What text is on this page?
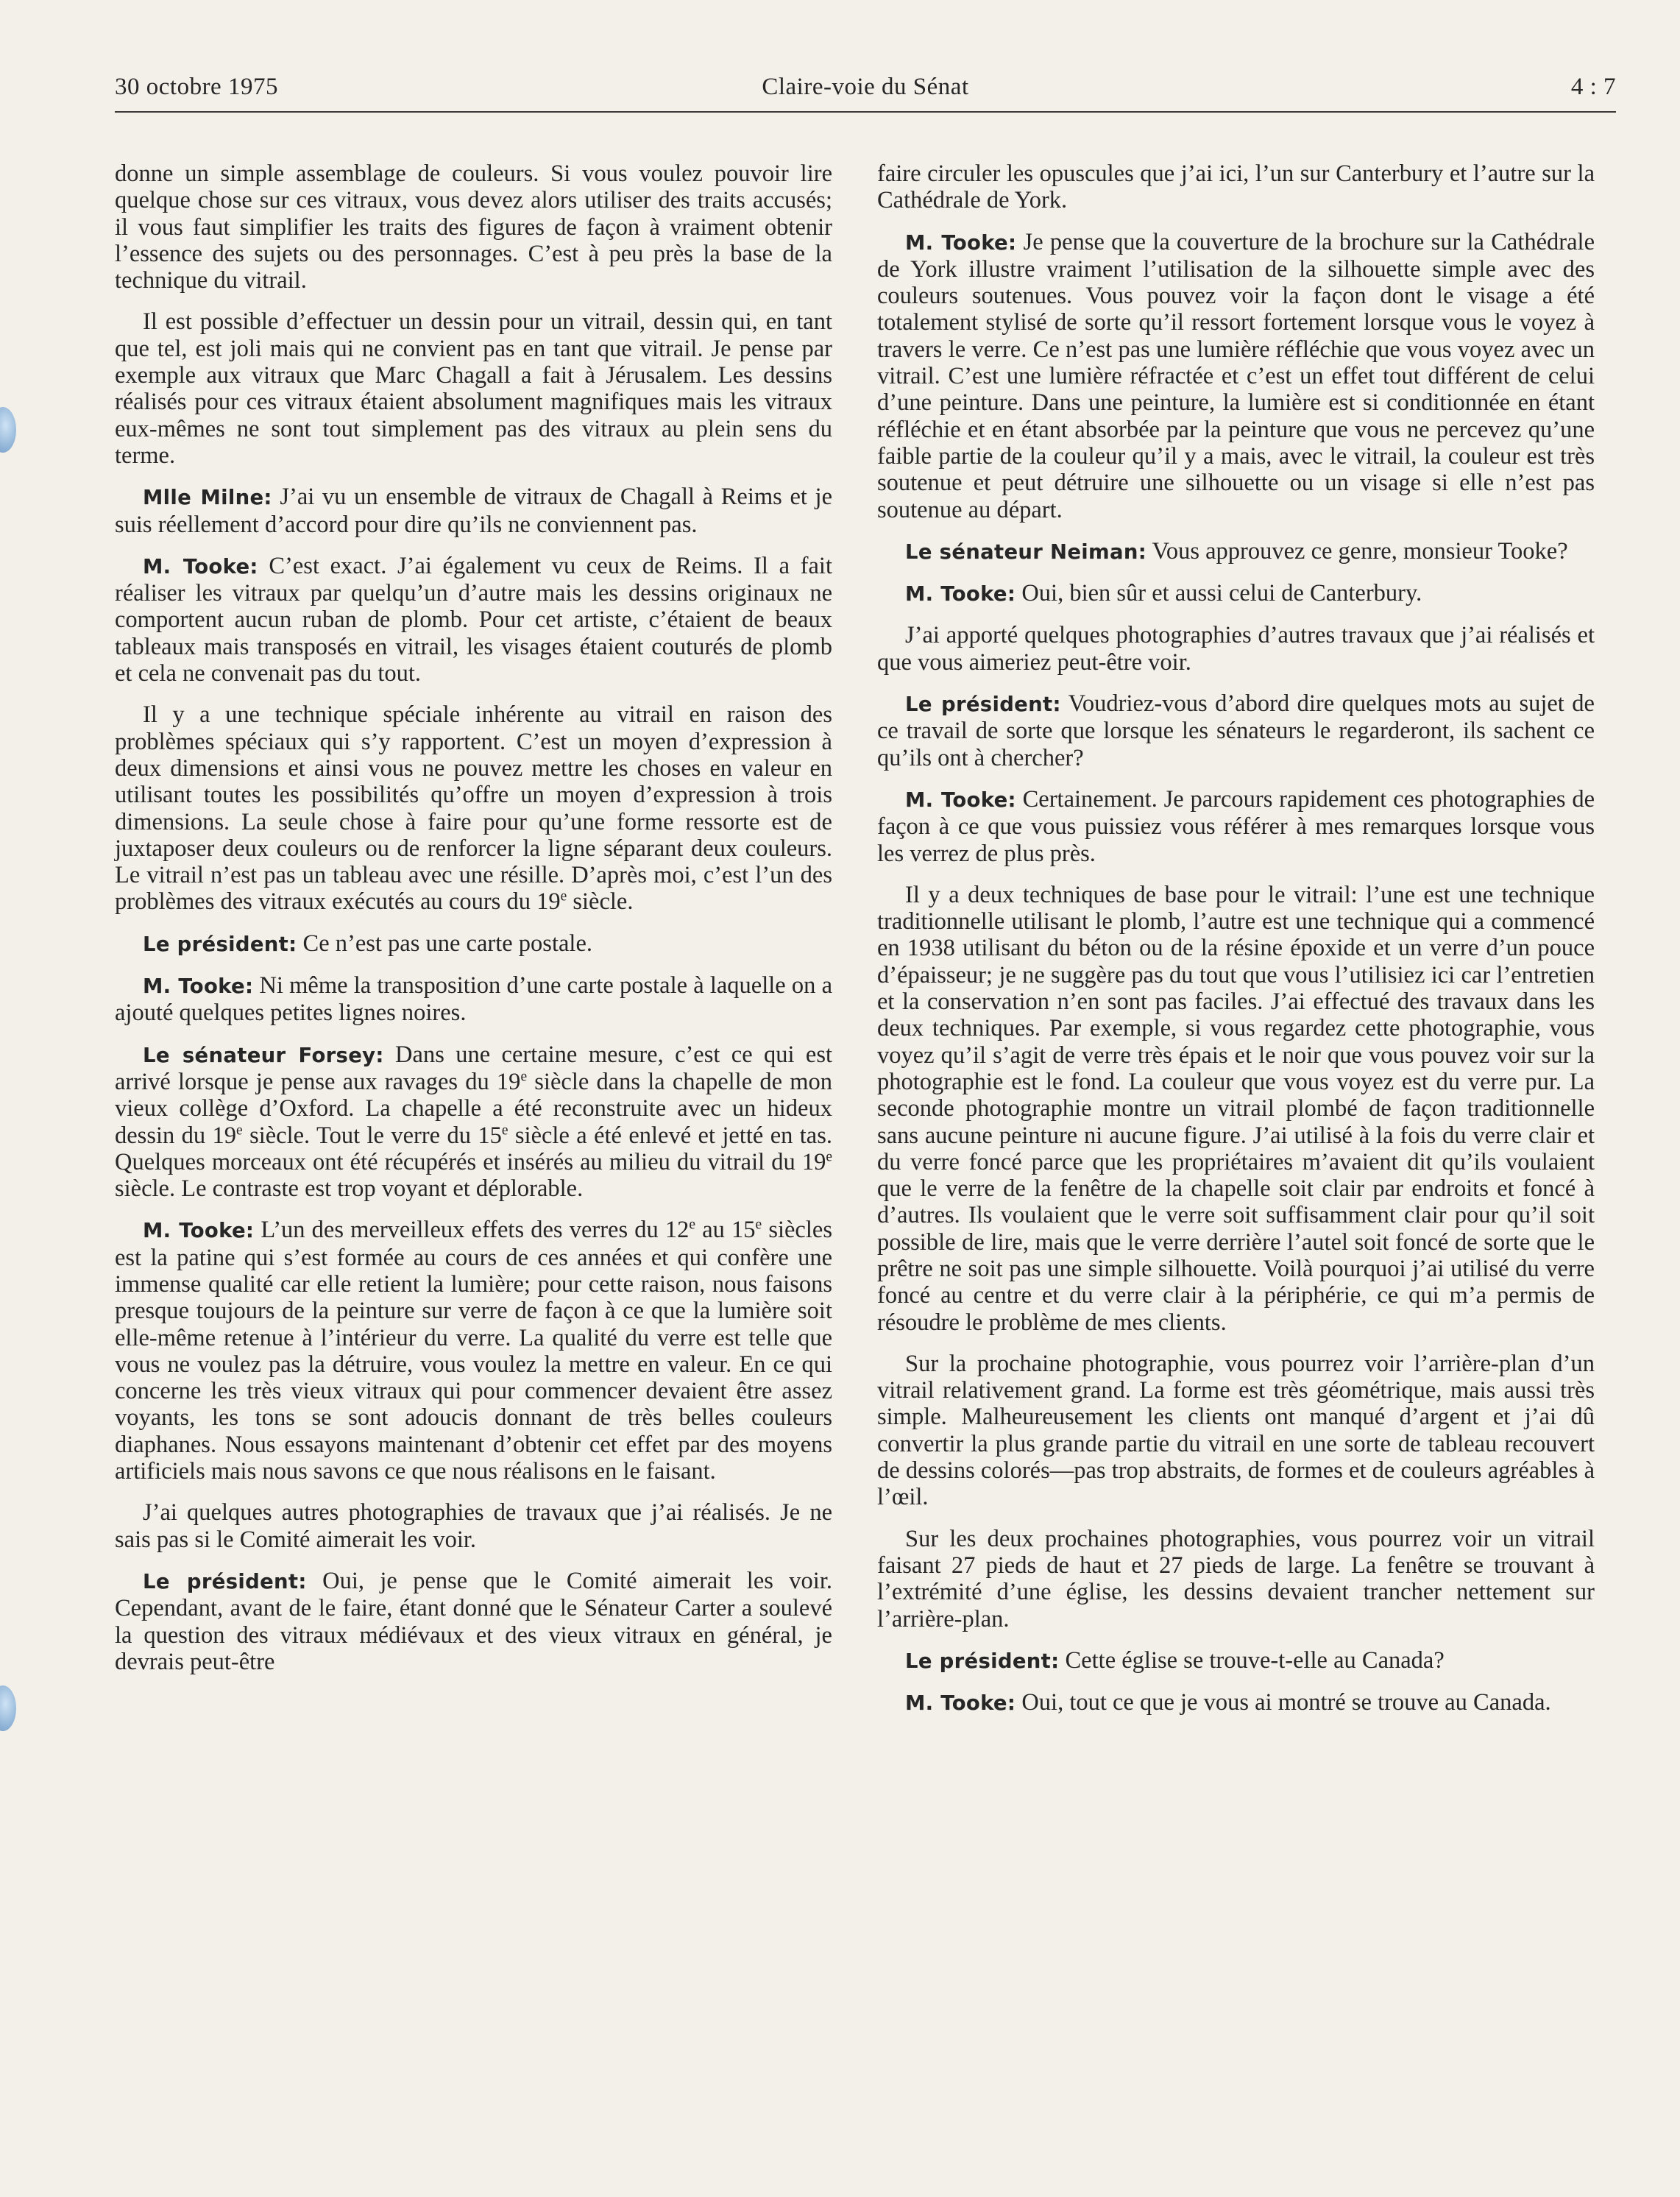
30 octobre 1975	Claire-voie du Sénat	4 : 7

donne un simple assemblage de couleurs. Si vous voulez pouvoir lire quelque chose sur ces vitraux, vous devez alors utiliser des traits accusés; il vous faut simplifier les traits des figures de façon à vraiment obtenir l’essence des sujets ou des personnages. C’est à peu près la base de la technique du vitrail.

Il est possible d’effectuer un dessin pour un vitrail, dessin qui, en tant que tel, est joli mais qui ne convient pas en tant que vitrail. Je pense par exemple aux vitraux que Marc Chagall a fait à Jérusalem. Les dessins réalisés pour ces vitraux étaient absolument magnifiques mais les vitraux eux-mêmes ne sont tout simplement pas des vitraux au plein sens du terme.

Mlle Milne: J’ai vu un ensemble de vitraux de Chagall à Reims et je suis réellement d’accord pour dire qu’ils ne conviennent pas.

M. Tooke: C’est exact. J’ai également vu ceux de Reims. Il a fait réaliser les vitraux par quelqu’un d’autre mais les dessins originaux ne comportent aucun ruban de plomb. Pour cet artiste, c’étaient de beaux tableaux mais transposés en vitrail, les visages étaient couturés de plomb et cela ne convenait pas du tout.

Il y a une technique spéciale inhérente au vitrail en raison des problèmes spéciaux qui s’y rapportent. C’est un moyen d’expression à deux dimensions et ainsi vous ne pouvez mettre les choses en valeur en utilisant toutes les possibilités qu’offre un moyen d’expression à trois dimensions. La seule chose à faire pour qu’une forme ressorte est de juxtaposer deux couleurs ou de renforcer la ligne séparant deux couleurs. Le vitrail n’est pas un tableau avec une résille. D’après moi, c’est l’un des problèmes des vitraux exécutés au cours du 19e siècle.

Le président: Ce n’est pas une carte postale.

M. Tooke: Ni même la transposition d’une carte postale à laquelle on a ajouté quelques petites lignes noires.

Le sénateur Forsey: Dans une certaine mesure, c’est ce qui est arrivé lorsque je pense aux ravages du 19e siècle dans la chapelle de mon vieux collège d’Oxford. La chapelle a été reconstruite avec un hideux dessin du 19e siècle. Tout le verre du 15e siècle a été enlevé et jetté en tas. Quelques morceaux ont été récupérés et insérés au milieu du vitrail du 19e siècle. Le contraste est trop voyant et déplorable.

M. Tooke: L’un des merveilleux effets des verres du 12e au 15e siècles est la patine qui s’est formée au cours de ces années et qui confère une immense qualité car elle retient la lumière; pour cette raison, nous faisons presque toujours de la peinture sur verre de façon à ce que la lumière soit elle-même retenue à l’intérieur du verre. La qualité du verre est telle que vous ne voulez pas la détruire, vous voulez la mettre en valeur. En ce qui concerne les très vieux vitraux qui pour commencer devaient être assez voyants, les tons se sont adoucis donnant de très belles couleurs diaphanes. Nous essayons maintenant d’obtenir cet effet par des moyens artificiels mais nous savons ce que nous réalisons en le faisant.

J’ai quelques autres photographies de travaux que j’ai réalisés. Je ne sais pas si le Comité aimerait les voir.

Le président: Oui, je pense que le Comité aimerait les voir. Cependant, avant de le faire, étant donné que le Sénateur Carter a soulevé la question des vitraux médiévaux et des vieux vitraux en général, je devrais peut-être

faire circuler les opuscules que j’ai ici, l’un sur Canterbury et l’autre sur la Cathédrale de York.

M. Tooke: Je pense que la couverture de la brochure sur la Cathédrale de York illustre vraiment l’utilisation de la silhouette simple avec des couleurs soutenues. Vous pouvez voir la façon dont le visage a été totalement stylisé de sorte qu’il ressort fortement lorsque vous le voyez à travers le verre. Ce n’est pas une lumière réfléchie que vous voyez avec un vitrail. C’est une lumière réfractée et c’est un effet tout différent de celui d’une peinture. Dans une peinture, la lumière est si conditionnée en étant réfléchie et en étant absorbée par la peinture que vous ne percevez qu’une faible partie de la couleur qu’il y a mais, avec le vitrail, la couleur est très soutenue et peut détruire une silhouette ou un visage si elle n’est pas soutenue au départ.

Le sénateur Neiman: Vous approuvez ce genre, monsieur Tooke?

M. Tooke: Oui, bien sûr et aussi celui de Canterbury.

J’ai apporté quelques photographies d’autres travaux que j’ai réalisés et que vous aimeriez peut-être voir.

Le président: Voudriez-vous d’abord dire quelques mots au sujet de ce travail de sorte que lorsque les sénateurs le regarderont, ils sachent ce qu’ils ont à chercher?

M. Tooke: Certainement. Je parcours rapidement ces photographies de façon à ce que vous puissiez vous référer à mes remarques lorsque vous les verrez de plus près.

Il y a deux techniques de base pour le vitrail: l’une est une technique traditionnelle utilisant le plomb, l’autre est une technique qui a commencé en 1938 utilisant du béton ou de la résine époxide et un verre d’un pouce d’épaisseur; je ne suggère pas du tout que vous l’utilisiez ici car l’entretien et la conservation n’en sont pas faciles. J’ai effectué des travaux dans les deux techniques. Par exemple, si vous regardez cette photographie, vous voyez qu’il s’agit de verre très épais et le noir que vous pouvez voir sur la photographie est le fond. La couleur que vous voyez est du verre pur. La seconde photographie montre un vitrail plombé de façon traditionnelle sans aucune peinture ni aucune figure. J’ai utilisé à la fois du verre clair et du verre foncé parce que les propriétaires m’avaient dit qu’ils voulaient que le verre de la fenêtre de la chapelle soit clair par endroits et foncé à d’autres. Ils voulaient que le verre soit suffisamment clair pour qu’il soit possible de lire, mais que le verre derrière l’autel soit foncé de sorte que le prêtre ne soit pas une simple silhouette. Voilà pourquoi j’ai utilisé du verre foncé au centre et du verre clair à la périphérie, ce qui m’a permis de résoudre le problème de mes clients.

Sur la prochaine photographie, vous pourrez voir l’arrière-plan d’un vitrail relativement grand. La forme est très géométrique, mais aussi très simple. Malheureusement les clients ont manqué d’argent et j’ai dû convertir la plus grande partie du vitrail en une sorte de tableau recouvert de dessins colorés—pas trop abstraits, de formes et de couleurs agréables à l’œil.

Sur les deux prochaines photographies, vous pourrez voir un vitrail faisant 27 pieds de haut et 27 pieds de large. La fenêtre se trouvant à l’extrémité d’une église, les dessins devaient trancher nettement sur l’arrière-plan.

Le président: Cette église se trouve-t-elle au Canada?

M. Tooke: Oui, tout ce que je vous ai montré se trouve au Canada.
